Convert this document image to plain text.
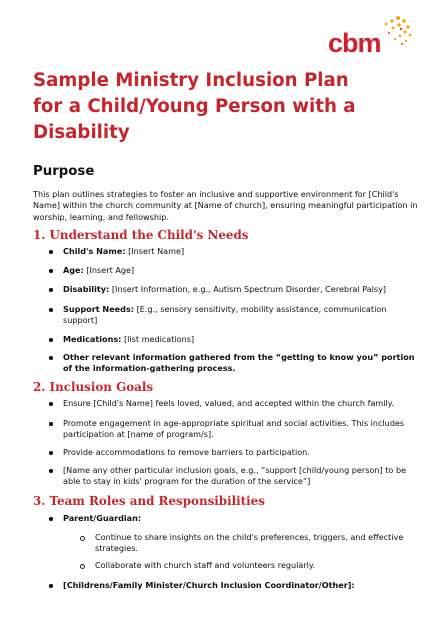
cbm
Sample Ministry Inclusion Plan for a Child/Young Person with a Disability
Purpose
This plan outlines strategies to foster an inclusive and supportive environment for [Child's Name] within the church community at [Name of church], ensuring meaningful participation in worship, learning, and fellowship.
1. Understand the Child's Needs
Child's Name: [Insert Name]
Age: [Insert Age]
Disability: [Insert Information, e.g., Autism Spectrum Disorder, Cerebral Palsy]
Support Needs: [E.g., sensory sensitivity, mobility assistance, communication support]
Medications: [list medications]
Other relevant information gathered from the “getting to know you” portion of the information-gathering process.
2. Inclusion Goals
Ensure [Child's Name] feels loved, valued, and accepted within the church family.
Promote engagement in age-appropriate spiritual and social activities. This includes participation at [name of program/s].
Provide accommodations to remove barriers to participation.
[Name any other particular inclusion goals, e.g., “support [child/young person] to be able to stay in kids' program for the duration of the service”]
3. Team Roles and Responsibilities
Parent/Guardian:
Continue to share insights on the child's preferences, triggers, and effective strategies.
Collaborate with church staff and volunteers regularly.
[Childrens/Family Minister/Church Inclusion Coordinator/Other]:
